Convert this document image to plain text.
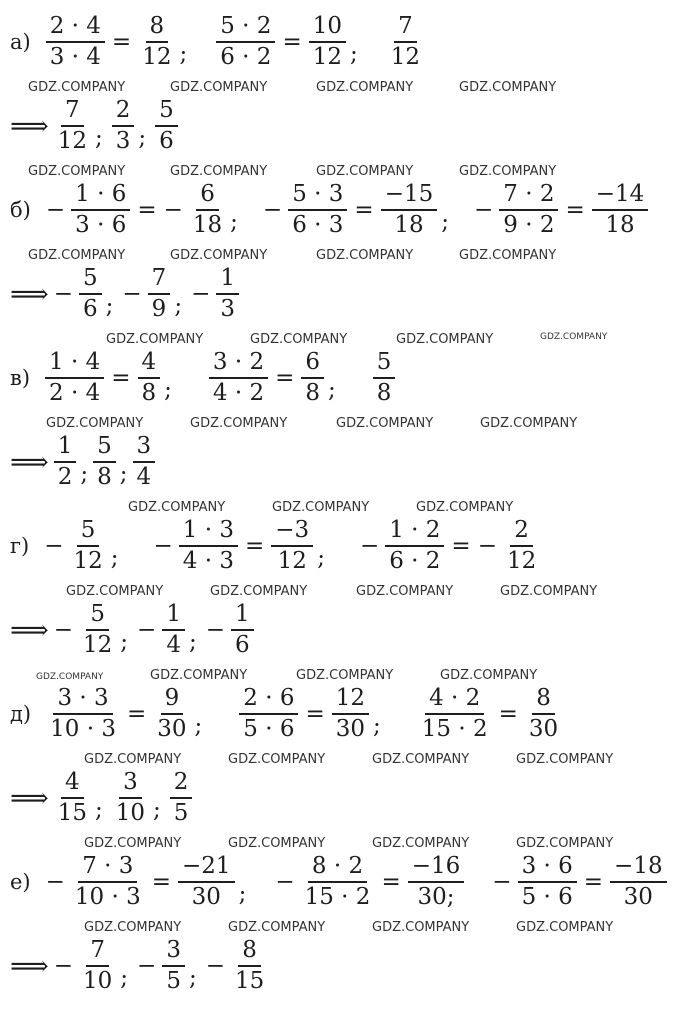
$а) \frac{2 \cdot 4}{3 \cdot 4} = \frac{8}{12}$ ; $\frac{5 \cdot 2}{6 \cdot 2} = \frac{10}{12}$ ; $\frac{7}{12}$
⟹ $\frac{7}{12}$ ; $\frac{2}{3}$ ; $\frac{5}{6}$
$б) - \frac{1 \cdot 6}{3 \cdot 6}$ = − $\frac{6}{18}$ ; − $\frac{5 \cdot 3}{6 \cdot 3} = \frac{-15}{18}$ ; − $\frac{7 \cdot 2}{9 \cdot 2} = \frac{-14}{18}$
⟹ − $\frac{5}{6}$ ; − $\frac{7}{9}$ ; − $\frac{1}{3}$
$в) \frac{1 \cdot 4}{2 \cdot 4} = \frac{4}{8}$ ; $\frac{3 \cdot 2}{4 \cdot 2} = \frac{6}{8}$ ; $\frac{5}{8}$
⟹ $\frac{1}{2}$ ; $\frac{5}{8}$ ; $\frac{3}{4}$
$г) - \frac{5}{12}$ ; − $\frac{1 \cdot 3}{4 \cdot 3} = \frac{-3}{12}$ ; − $\frac{1 \cdot 2}{6 \cdot 2}$ = − $\frac{2}{12}$
⟹ − $\frac{5}{12}$ ; − $\frac{1}{4}$ ; − $\frac{1}{6}$
$д) \frac{3 \cdot 3}{10 \cdot 3} = \frac{9}{30}$ ; $\frac{2 \cdot 6}{5 \cdot 6} = \frac{12}{30}$ ; $\frac{4 \cdot 2}{15 \cdot 2} = \frac{8}{30}$
⟹ $\frac{4}{15}$ ; $\frac{3}{10}$ ; $\frac{2}{5}$
$е) - \frac{7 \cdot 3}{10 \cdot 3} = \frac{-21}{30}$ ; − $\frac{8 \cdot 2}{15 \cdot 2} = \frac{-16}{30;} - \frac{3 \cdot 6}{5 \cdot 6} = \frac{-18}{30}$
⟹ − $\frac{7}{10}$ ; − $\frac{3}{5}$ ; − $\frac{8}{15}$
GDZ.COMPANY	GDZ.COMPANY	GDZ.COMPANY	GDZ.COMPANY
GDZ.COMPANY	GDZ.COMPANY	GDZ.COMPANY	GDZ.COMPANY
GDZ.COMPANY	GDZ.COMPANY	GDZ.COMPANY	GDZ.COMPANY
GDZ.COMPANY	GDZ.COMPANY	GDZ.COMPANY
GDZ.COMPANY	GDZ.COMPANY	GDZ.COMPANY	GDZ.COMPANY
GDZ.COMPANY	GDZ.COMPANY	GDZ.COMPANY
GDZ.COMPANY	GDZ.COMPANY	GDZ.COMPANY	GDZ.COMPANY
GDZ.COMPANY	GDZ.COMPANY	GDZ.COMPANY
GDZ.COMPANY	GDZ.COMPANY	GDZ.COMPANY	GDZ.COMPANY
GDZ.COMPANY	GDZ.COMPANY	GDZ.COMPANY	GDZ.COMPANY
GDZ.COMPANY	GDZ.COMPANY	GDZ.COMPANY	GDZ.COMPANY
GDZ.COMPANY
GDZ.COMPANY
